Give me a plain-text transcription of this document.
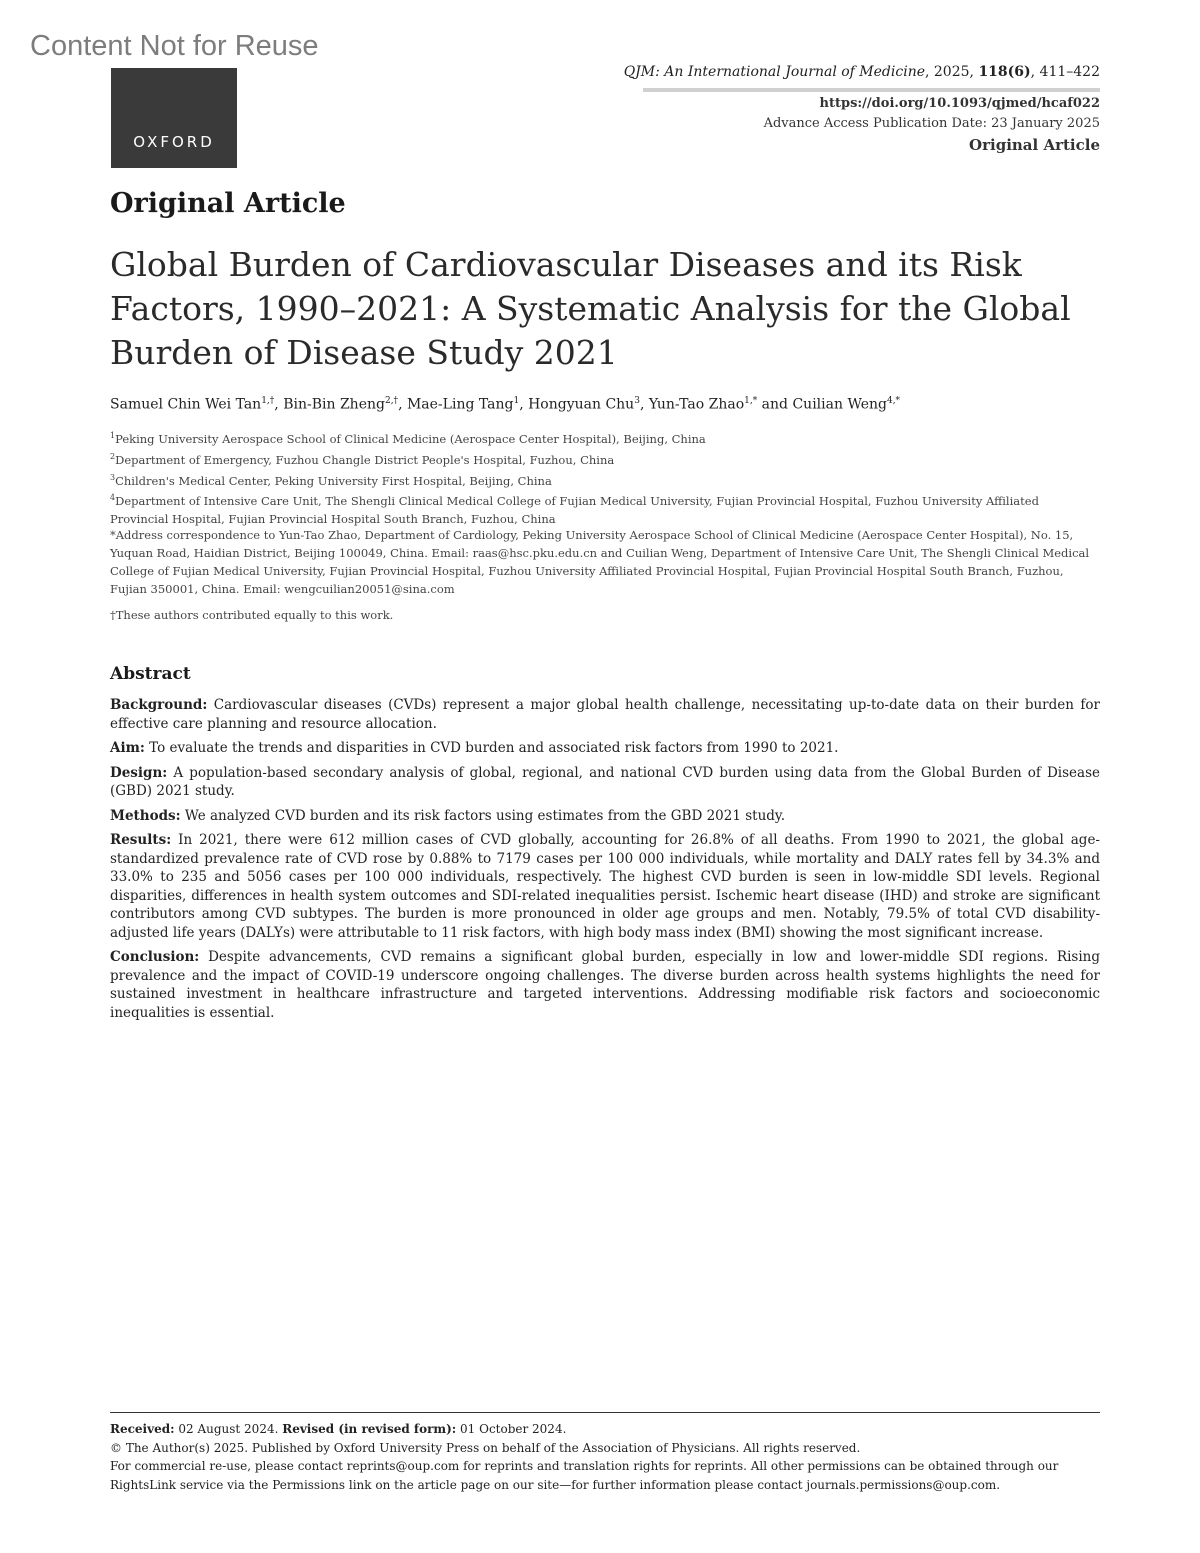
Content Not for Reuse
OXFORD
QJM: An International Journal of Medicine, 2025, 118(6), 411–422
https://doi.org/10.1093/qjmed/hcaf022
Advance Access Publication Date: 23 January 2025
Original Article
Original Article
Global Burden of Cardiovascular Diseases and its Risk Factors, 1990–2021: A Systematic Analysis for the Global Burden of Disease Study 2021
Samuel Chin Wei Tan$^{1,\dagger}$, Bin-Bin Zheng$^{2,\dagger}$, Mae-Ling Tang$^1$, Hongyuan Chu$^3$, Yun-Tao Zhao$^{1,*}$ and Cuilian Weng$^{4,*}$

$^1$Peking University Aerospace School of Clinical Medicine (Aerospace Center Hospital), Beijing, China

$^2$Department of Emergency, Fuzhou Changle District People's Hospital, Fuzhou, China

$^3$Children's Medical Center, Peking University First Hospital, Beijing, China

$^4$Department of Intensive Care Unit, The Shengli Clinical Medical College of Fujian Medical University, Fujian Provincial Hospital, Fuzhou University Affiliated Provincial Hospital, Fujian Provincial Hospital South Branch, Fuzhou, China

*Address correspondence to Yun-Tao Zhao, Department of Cardiology, Peking University Aerospace School of Clinical Medicine (Aerospace Center Hospital), No. 15, Yuquan Road, Haidian District, Beijing 100049, China. Email: raas@hsc.pku.edu.cn and Cuilian Weng, Department of Intensive Care Unit, The Shengli Clinical Medical College of Fujian Medical University, Fujian Provincial Hospital, Fuzhou University Affiliated Provincial Hospital, Fujian Provincial Hospital South Branch, Fuzhou, Fujian 350001, China. Email: wengcuilian20051@sina.com
†These authors contributed equally to this work.
Abstract

Background: Cardiovascular diseases (CVDs) represent a major global health challenge, necessitating up-to-date data on their burden for effective care planning and resource allocation.

Aim: To evaluate the trends and disparities in CVD burden and associated risk factors from 1990 to 2021.

Design: A population-based secondary analysis of global, regional, and national CVD burden using data from the Global Burden of Disease (GBD) 2021 study.

Methods: We analyzed CVD burden and its risk factors using estimates from the GBD 2021 study.

Results: In 2021, there were 612 million cases of CVD globally, accounting for 26.8% of all deaths. From 1990 to 2021, the global age-standardized prevalence rate of CVD rose by 0.88% to 7179 cases per 100 000 individuals, while mortality and DALY rates fell by 34.3% and 33.0% to 235 and 5056 cases per 100 000 individuals, respectively. The highest CVD burden is seen in low-middle SDI levels. Regional disparities, differences in health system outcomes and SDI-related inequalities persist. Ischemic heart disease (IHD) and stroke are significant contributors among CVD subtypes. The burden is more pronounced in older age groups and men. Notably, 79.5% of total CVD disability-adjusted life years (DALYs) were attributable to 11 risk factors, with high body mass index (BMI) showing the most significant increase.

Conclusion: Despite advancements, CVD remains a significant global burden, especially in low and lower-middle SDI regions. Rising prevalence and the impact of COVID-19 underscore ongoing challenges. The diverse burden across health systems highlights the need for sustained investment in healthcare infrastructure and targeted interventions. Addressing modifiable risk factors and socioeconomic inequalities is essential.

Received: 02 August 2024. Revised (in revised form): 01 October 2024.

© The Author(s) 2025. Published by Oxford University Press on behalf of the Association of Physicians. All rights reserved.

For commercial re-use, please contact reprints@oup.com for reprints and translation rights for reprints. All other permissions can be obtained through our RightsLink service via the Permissions link on the article page on our site—for further information please contact journals.permissions@oup.com.
